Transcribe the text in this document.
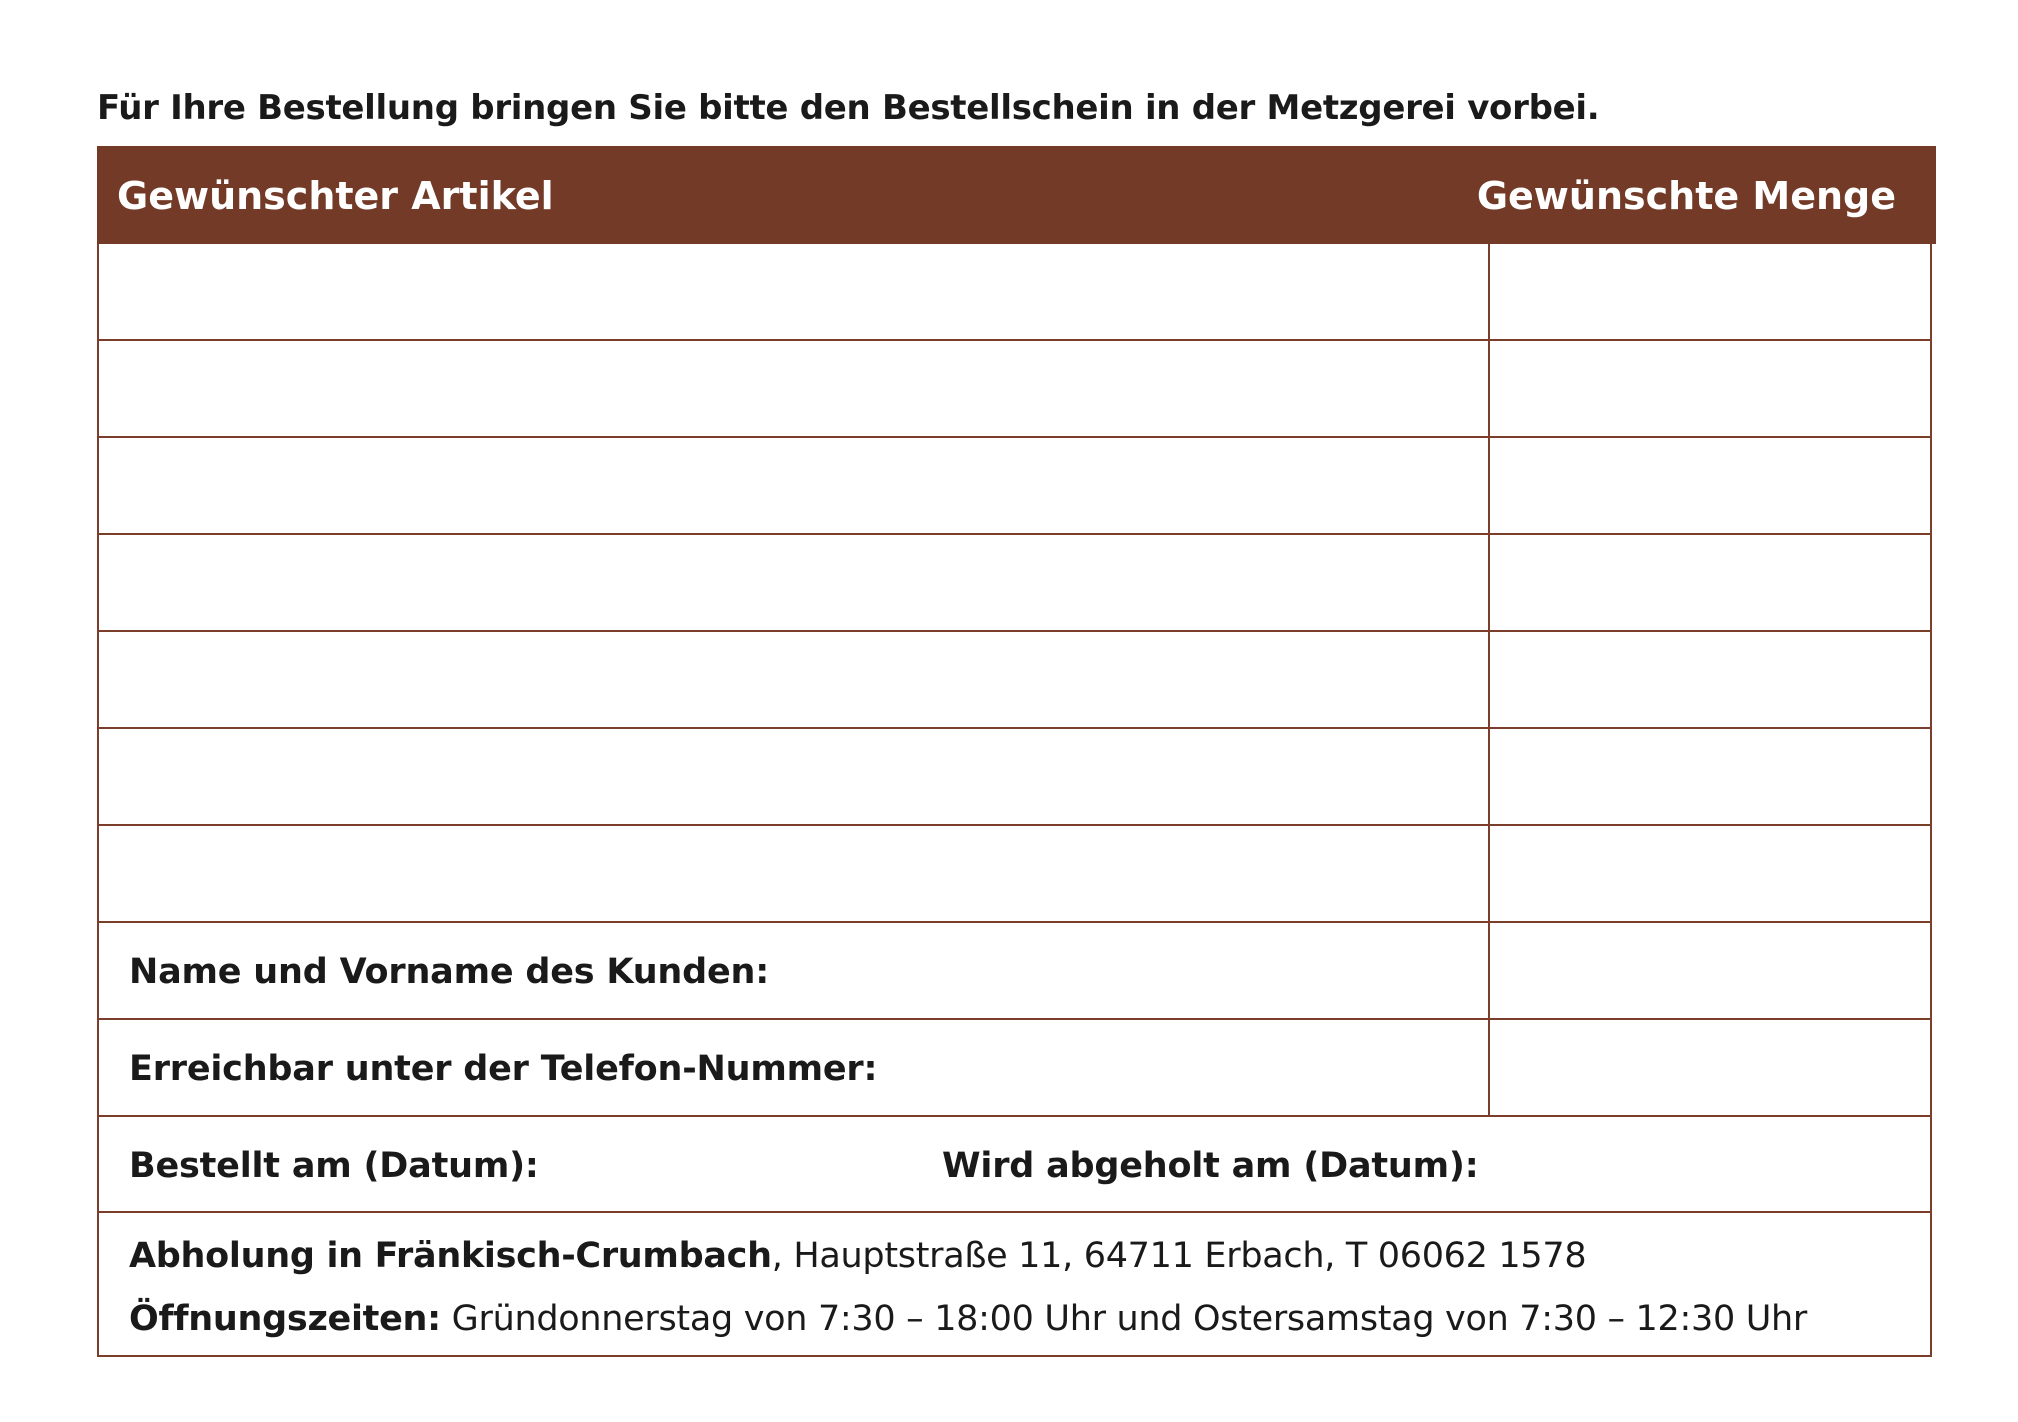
Für Ihre Bestellung bringen Sie bitte den Bestellschein in der Metzgerei vorbei.
Gewünschter Artikel	Gewünschte Menge
Name und Vorname des Kunden:
Erreichbar unter der Telefon-Nummer:
Bestellt am (Datum):	Wird abgeholt am (Datum):
Abholung in Fränkisch-Crumbach, Hauptstraße 11, 64711 Erbach, T 06062 1578
Öffnungszeiten: Gründonnerstag von 7:30 – 18:00 Uhr und Ostersamstag von 7:30 – 12:30 Uhr
